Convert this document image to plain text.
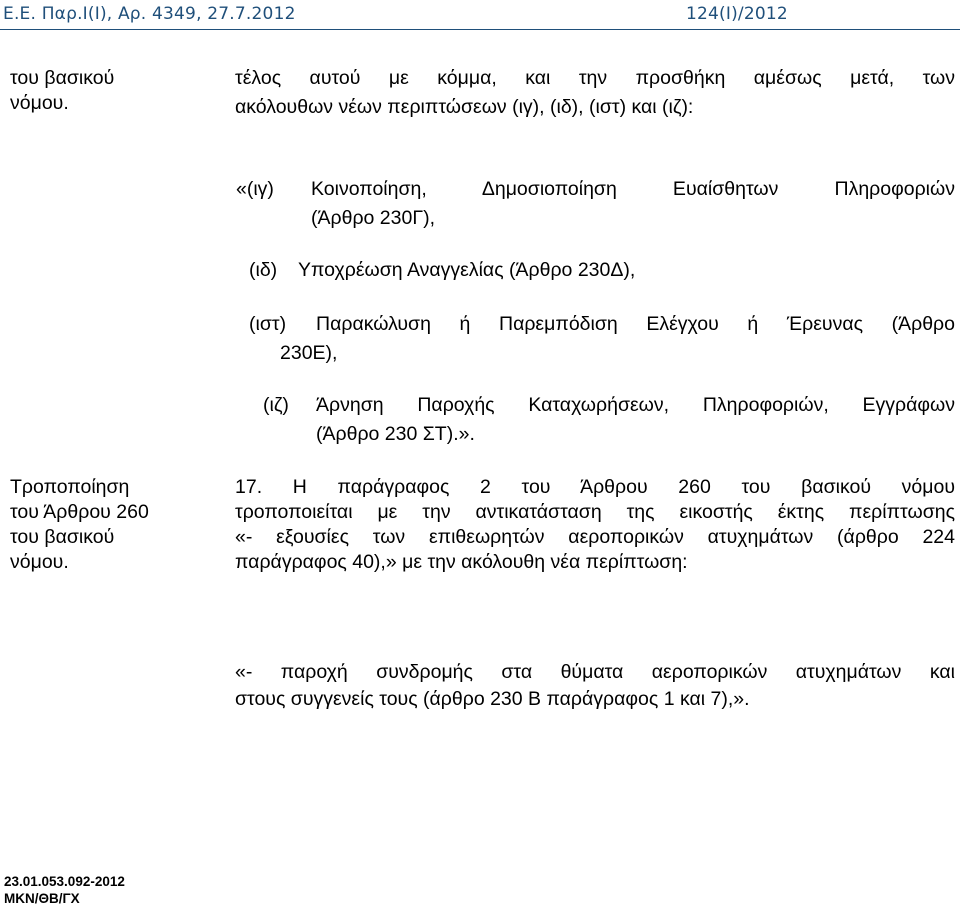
Ε.Ε. Παρ.Ι(Ι), Αρ. 4349, 27.7.2012	124(Ι)/2012
του βασικού
νόμου.
τέλος αυτού με κόμμα, και την προσθήκη αμέσως μετά, των
ακόλουθων νέων περιπτώσεων (ιγ), (ιδ), (ιστ) και (ιζ):
«(ιγ)	Κοινοποίηση, Δημοσιοποίηση Ευαίσθητων Πληροφοριών
(Άρθρο 230Γ),
(ιδ) Υποχρέωση Αναγγελίας (Άρθρο 230Δ),
(ιστ) Παρακώλυση ή Παρεμπόδιση Ελέγχου ή Έρευνας (Άρθρο
230Ε),
(ιζ) Άρνηση Παροχής Καταχωρήσεων, Πληροφοριών, Εγγράφων
(Άρθρο 230 ΣΤ).».
Τροποποίηση
του Άρθρου 260
του βασικού
νόμου.
17. Η παράγραφος 2 του Άρθρου 260 του βασικού νόμου
τροποποιείται με την αντικατάσταση της εικοστής έκτης περίπτωσης
«- εξουσίες των επιθεωρητών αεροπορικών ατυχημάτων (άρθρο 224
παράγραφος 40),» με την ακόλουθη νέα περίπτωση:
«- παροχή συνδρομής στα θύματα αεροπορικών ατυχημάτων και
στους συγγενείς τους (άρθρο 230 Β παράγραφος 1 και 7),».
23.01.053.092-2012
ΜΚΝ/ΘΒ/ΓΧ
